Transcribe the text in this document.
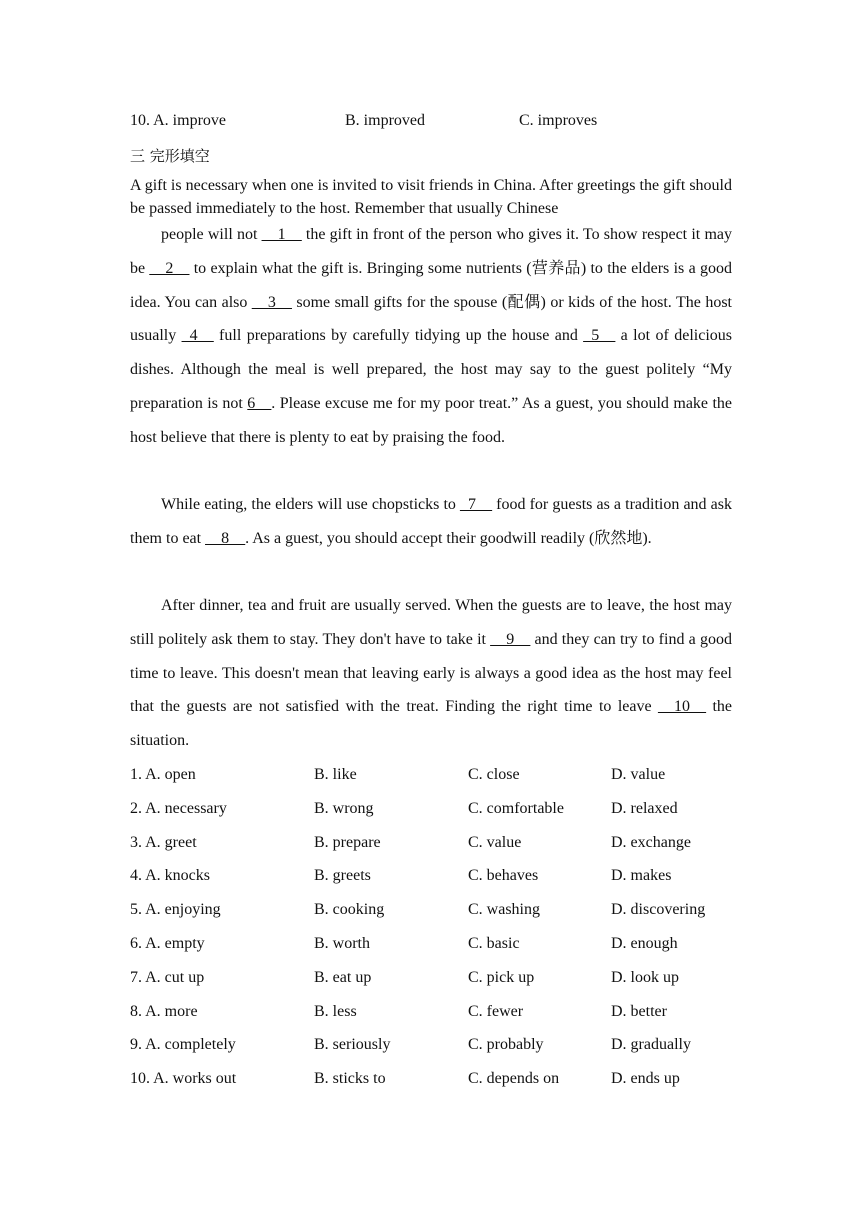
10. A. improve	B. improved	C. improves
三 完形填空
A gift is necessary when one is invited to visit friends in China. After greetings the gift should be passed immediately to the host. Remember that usually Chinese
people will not __1__ the gift in front of the person who gives it. To show respect it may be __2__ to explain what the gift is. Bringing some nutrients (营养品) to the elders is a good idea. You can also __3__ some small gifts for the spouse (配偶) or kids of the host. The host usually _4__ full preparations by carefully tidying up the house and _5__ a lot of delicious dishes. Although the meal is well prepared, the host may say to the guest politely “My preparation is not 6__. Please excuse me for my poor treat.” As a guest, you should make the host believe that there is plenty to eat by praising the food.
While eating, the elders will use chopsticks to _7__ food for guests as a tradition and ask them to eat __8__. As a guest, you should accept their goodwill readily (欣然地).
After dinner, tea and fruit are usually served. When the guests are to leave, the host may still politely ask them to stay. They don't have to take it __9__ and they can try to find a good time to leave. This doesn't mean that leaving early is always a good idea as the host may feel that the guests are not satisfied with the treat. Finding the right time to leave __10__ the situation.
1. A. open	B. like	C. close	D. value
2. A. necessary	B. wrong	C. comfortable	D. relaxed
3. A. greet	B. prepare	C. value	D. exchange
4. A. knocks	B. greets	C. behaves	D. makes
5. A. enjoying	B. cooking	C. washing	D. discovering
6. A. empty	B. worth	C. basic	D. enough
7. A. cut up	B. eat up	C. pick up	D. look up
8. A. more	B. less	C. fewer	D. better
9. A. completely	B. seriously	C. probably	D. gradually
10. A. works out	B. sticks to	C. depends on	D. ends up
